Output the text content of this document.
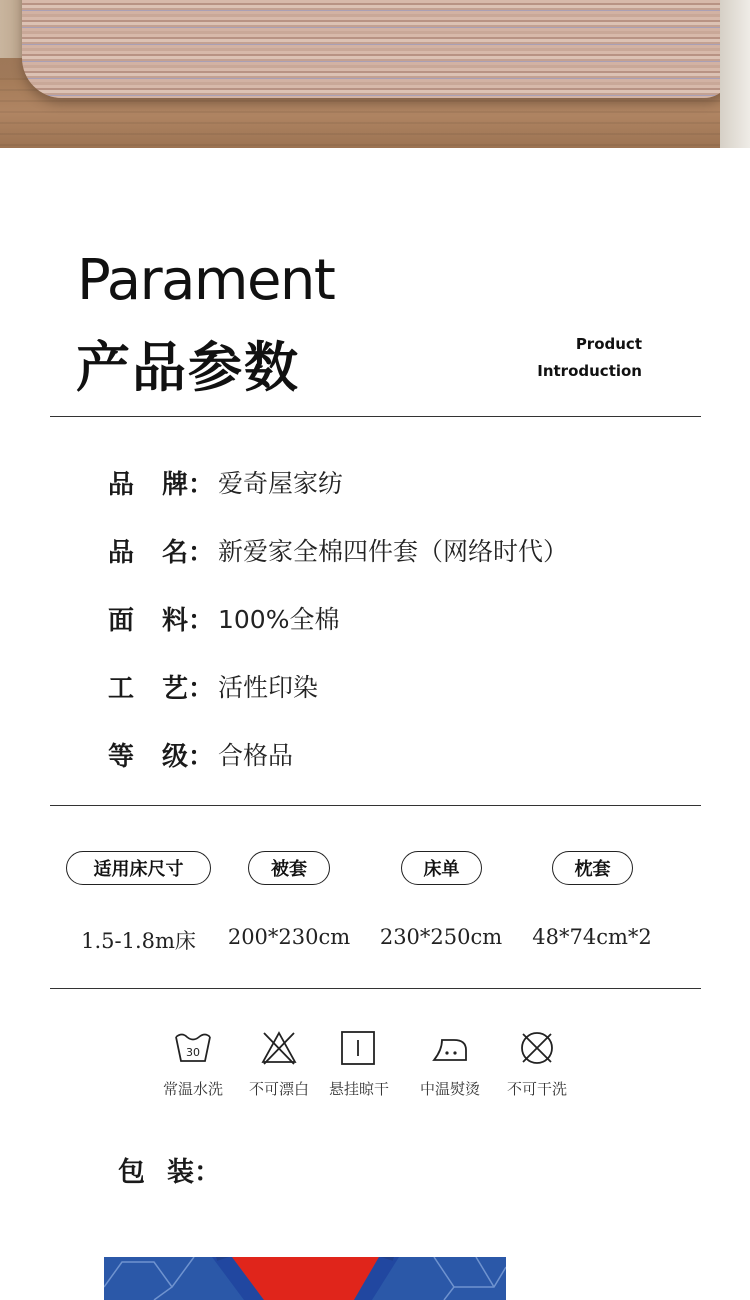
Parament
产品参数	Product
Introduction
品 牌： 爱奇屋家纺
品 名： 新爱家全棉四件套（网络时代）
面 料： 100%全棉
工 艺： 活性印染
等 级： 合格品
适用床尺寸	被套	床单	枕套
1.5-1.8m床	200*230cm	230*250cm	48*74cm*2
30
常温水洗	不可漂白	悬挂晾干	中温熨烫	不可干洗
包 装：
